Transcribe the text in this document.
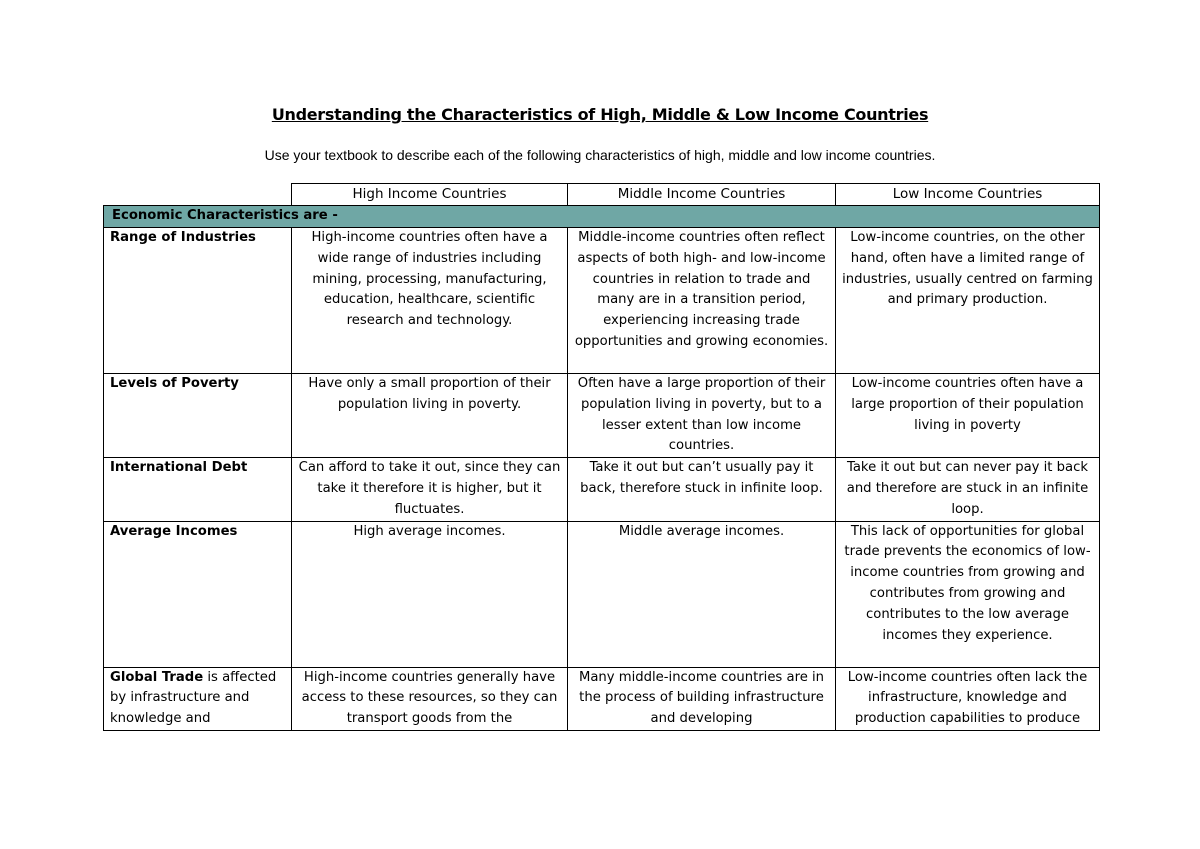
Understanding the Characteristics of High, Middle & Low Income Countries
Use your textbook to describe each of the following characteristics of high, middle and low income countries.
	High Income Countries	Middle Income Countries	Low Income Countries
Economic Characteristics are -			
Range of Industries	High-income countries often have a wide range of industries including mining, processing, manufacturing, education, healthcare, scientific research and technology.	Middle-income countries often reflect aspects of both high- and low-income countries in relation to trade and many are in a transition period, experiencing increasing trade opportunities and growing economies.	Low-income countries, on the other hand, often have a limited range of industries, usually centred on farming and primary production.
Levels of Poverty	Have only a small proportion of their population living in poverty.	Often have a large proportion of their population living in poverty, but to a lesser extent than low income countries.	Low-income countries often have a large proportion of their population living in poverty
International Debt	Can afford to take it out, since they can take it therefore it is higher, but it fluctuates.	Take it out but can’t usually pay it back, therefore stuck in infinite loop.	Take it out but can never pay it back and therefore are stuck in an infinite loop.
Average Incomes	High average incomes.	Middle average incomes.	This lack of opportunities for global trade prevents the economics of low-income countries from growing and contributes from growing and contributes to the low average incomes they experience.

Global Trade is affected by infrastructure and knowledge and	High-income countries generally have access to these resources, so they can transport goods from the	Many middle-income countries are in the process of building infrastructure and developing	Low-income countries often lack the infrastructure, knowledge and production capabilities to produce
